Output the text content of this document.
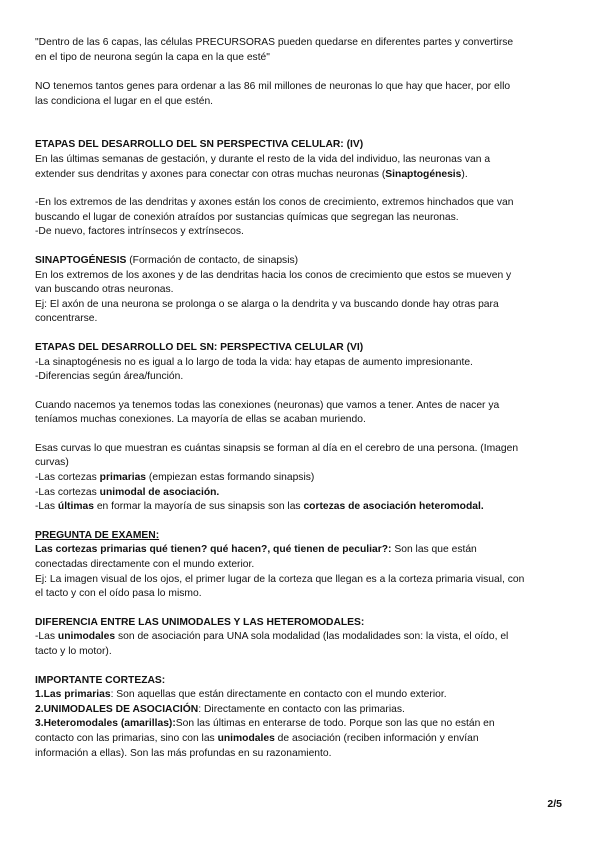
"Dentro de las 6 capas, las células PRECURSORAS pueden quedarse en diferentes partes y convertirse

en el tipo de neurona según la capa en la que esté"

NO tenemos tantos genes para ordenar a las 86 mil millones de neuronas lo que hay que hacer, por ello

las condiciona el lugar en el que estén.

ETAPAS DEL DESARROLLO DEL SN PERSPECTIVA CELULAR: (IV)

En las últimas semanas de gestación, y durante el resto de la vida del individuo, las neuronas van a

extender sus dendritas y axones para conectar con otras muchas neuronas (Sinaptogénesis).

-En los extremos de las dendritas y axones están los conos de crecimiento, extremos hinchados que van

buscando el lugar de conexión atraídos por sustancias químicas que segregan las neuronas.

-De nuevo, factores intrínsecos y extrínsecos.

SINAPTOGÉNESIS (Formación de contacto, de sinapsis)

En los extremos de los axones y de las dendritas hacia los conos de crecimiento que estos se mueven y

van buscando otras neuronas.

Ej: El axón de una neurona se prolonga o se alarga o la dendrita y va buscando donde hay otras para

concentrarse.

ETAPAS DEL DESARROLLO DEL SN: PERSPECTIVA CELULAR (VI)

-La sinaptogénesis no es igual a lo largo de toda la vida: hay etapas de aumento impresionante.

-Diferencias según área/función.

Cuando nacemos ya tenemos todas las conexiones (neuronas) que vamos a tener. Antes de nacer ya

teníamos muchas conexiones. La mayoría de ellas se acaban muriendo.

Esas curvas lo que muestran es cuántas sinapsis se forman al día en el cerebro de una persona. (Imagen

curvas)

-Las cortezas primarias (empiezan estas formando sinapsis)

-Las cortezas unimodal de asociación.

-Las últimas en formar la mayoría de sus sinapsis son las cortezas de asociación heteromodal.

PREGUNTA DE EXAMEN:

Las cortezas primarias qué tienen? qué hacen?, qué tienen de peculiar?: Son las que están

conectadas directamente con el mundo exterior.

Ej: La imagen visual de los ojos, el primer lugar de la corteza que llegan es a la corteza primaria visual, con

el tacto y con el oído pasa lo mismo.

DIFERENCIA ENTRE LAS UNIMODALES Y LAS HETEROMODALES:

-Las unimodales son de asociación para UNA sola modalidad (las modalidades son: la vista, el oído, el

tacto y lo motor).

IMPORTANTE CORTEZAS:

1.Las primarias: Son aquellas que están directamente en contacto con el mundo exterior.

2.UNIMODALES DE ASOCIACIÓN: Directamente en contacto con las primarias.

3.Heteromodales (amarillas):Son las últimas en enterarse de todo. Porque son las que no están en

contacto con las primarias, sino con las unimodales de asociación (reciben información y envían

información a ellas). Son las más profundas en su razonamiento.

2/5
